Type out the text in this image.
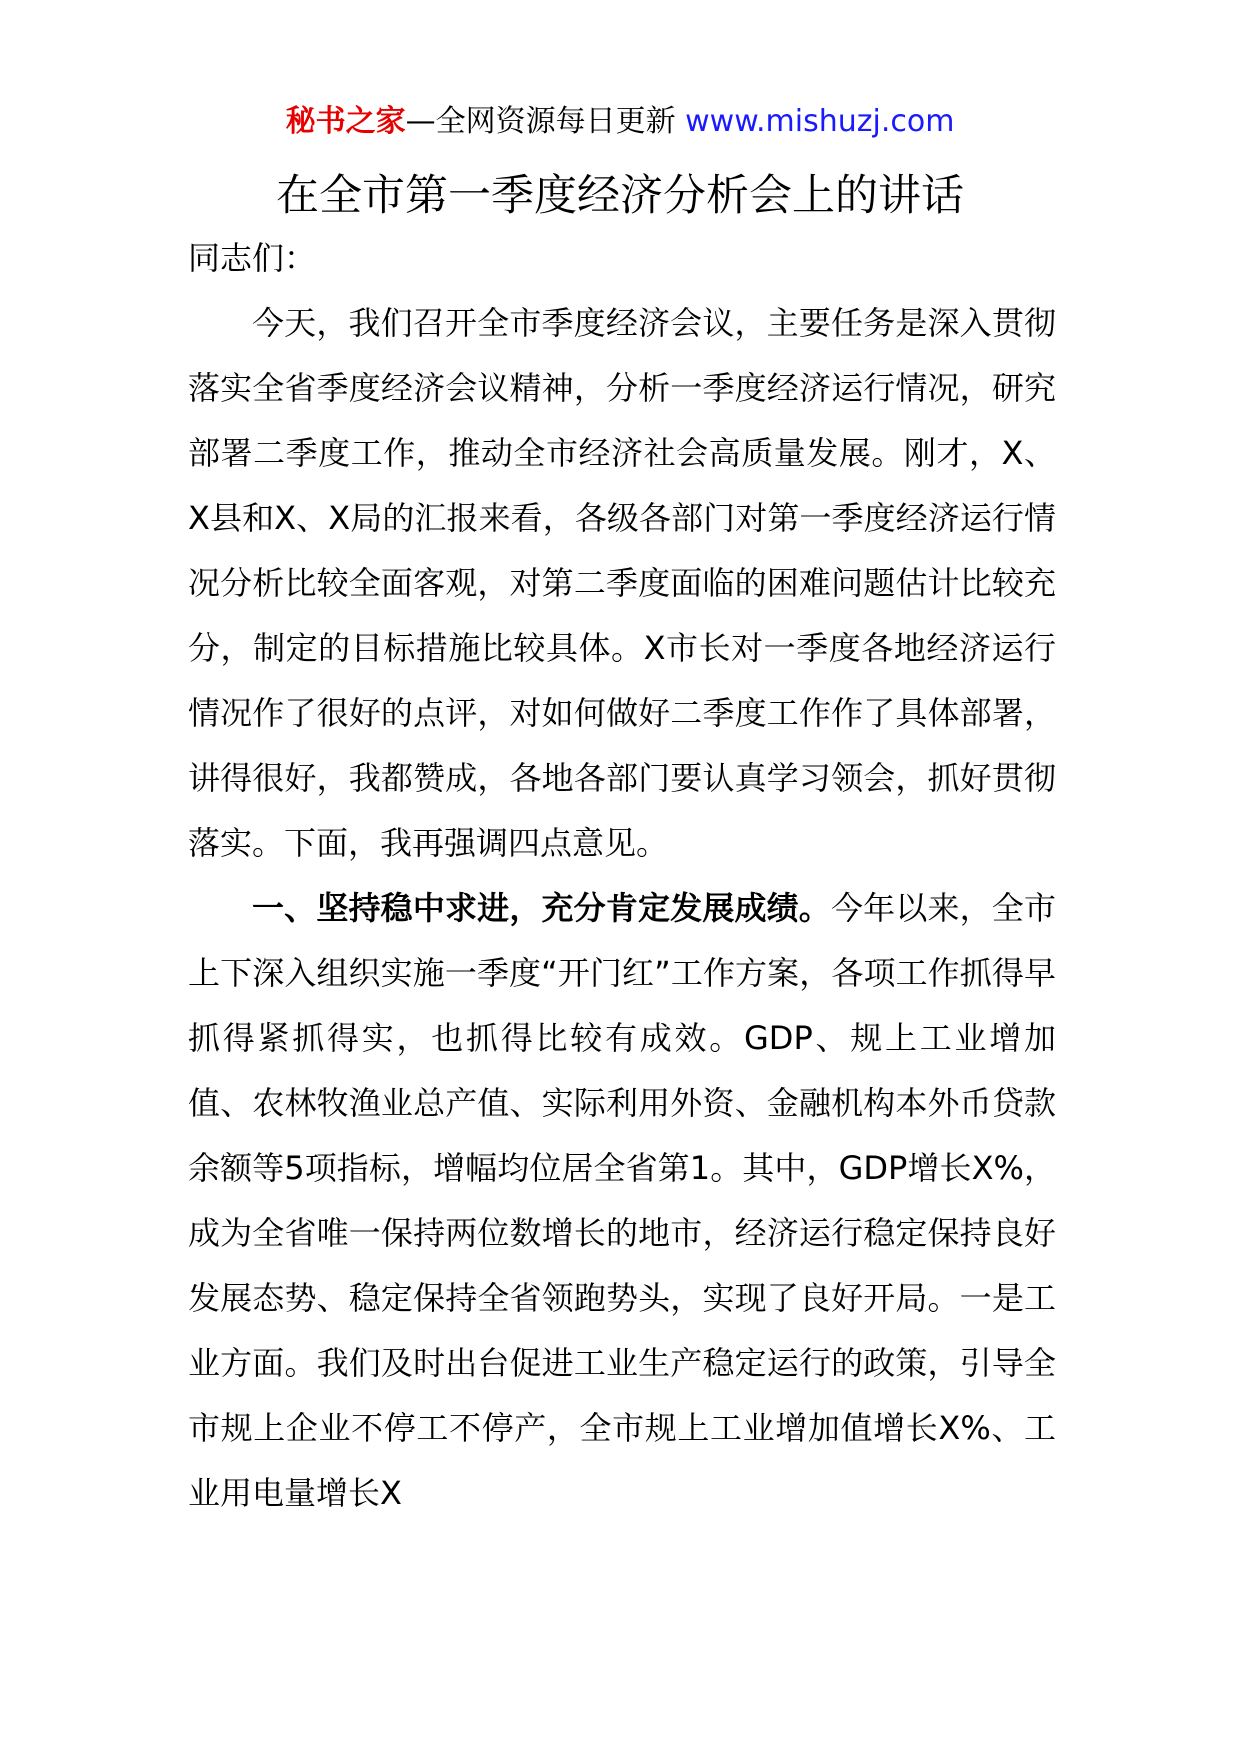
秘书之家—全网资源每日更新 www.mishuzj.com
在全市第一季度经济分析会上的讲话

同志们：

今天，我们召开全市季度经济会议，主要任务是深入贯彻落实全省季度经济会议精神，分析一季度经济运行情况，研究部署二季度工作，推动全市经济社会高质量发展。刚才，X、X县和X、X局的汇报来看，各级各部门对第一季度经济运行情况分析比较全面客观，对第二季度面临的困难问题估计比较充分，制定的目标措施比较具体。X市长对一季度各地经济运行情况作了很好的点评，对如何做好二季度工作作了具体部署，讲得很好，我都赞成，各地各部门要认真学习领会，抓好贯彻落实。下面，我再强调四点意见。

一、坚持稳中求进，充分肯定发展成绩。今年以来，全市上下深入组织实施一季度“开门红”工作方案，各项工作抓得早抓得紧抓得实，也抓得比较有成效。GDP、规上工业增加值、农林牧渔业总产值、实际利用外资、金融机构本外币贷款余额等5项指标，增幅均位居全省第1。其中，GDP增长X%，成为全省唯一保持两位数增长的地市，经济运行稳定保持良好发展态势、稳定保持全省领跑势头，实现了良好开局。一是工业方面。我们及时出台促进工业生产稳定运行的政策，引导全市规上企业不停工不停产，全市规上工业增加值增长X%、工业用电量增长X
